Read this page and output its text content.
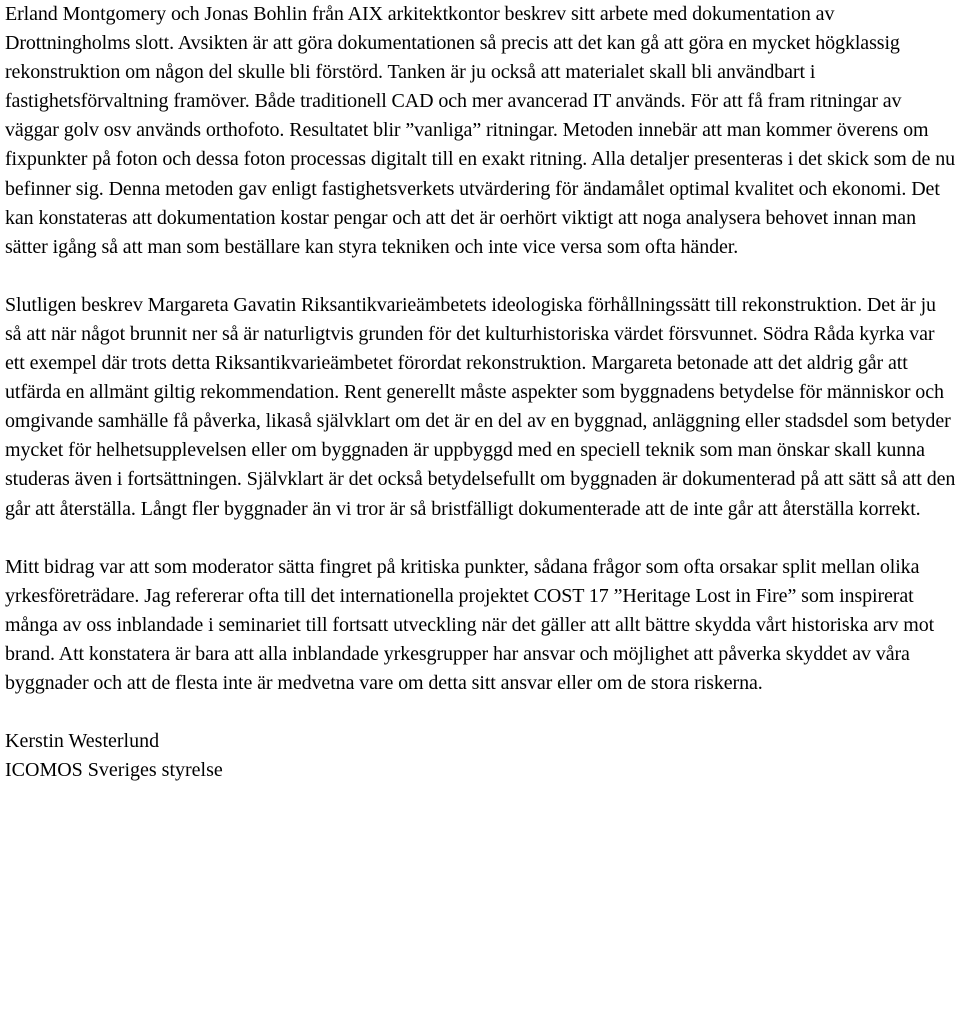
Erland Montgomery och Jonas Bohlin från AIX arkitektkontor beskrev sitt arbete med dokumentation av Drottningholms slott. Avsikten är att göra dokumentationen så precis att det kan gå att göra en mycket högklassig rekonstruktion om någon del skulle bli förstörd. Tanken är ju också att materialet skall bli användbart i fastighetsförvaltning framöver. Både traditionell CAD och mer avancerad IT används. För att få fram ritningar av väggar golv osv används orthofoto. Resultatet blir ”vanliga” ritningar. Metoden innebär att man kommer överens om fixpunkter på foton och dessa foton processas digitalt till en exakt ritning. Alla detaljer presenteras i det skick som de nu befinner sig. Denna metoden gav enligt fastighetsverkets utvärdering för ändamålet optimal kvalitet och ekonomi. Det kan konstateras att dokumentation kostar pengar och att det är oerhört viktigt att noga analysera behovet innan man sätter igång så att man som beställare kan styra tekniken och inte vice versa som ofta händer.

Slutligen beskrev Margareta Gavatin Riksantikvarieämbetets ideologiska förhållningssätt till rekonstruktion. Det är ju så att när något brunnit ner så är naturligtvis grunden för det kulturhistoriska värdet försvunnet. Södra Råda kyrka var ett exempel där trots detta Riksantikvarieämbetet förordat rekonstruktion. Margareta betonade att det aldrig går att utfärda en allmänt giltig rekommendation. Rent generellt måste aspekter som byggnadens betydelse för människor och omgivande samhälle få påverka, likaså självklart om det är en del av en byggnad, anläggning eller stadsdel som betyder mycket för helhetsupplevelsen eller om byggnaden är uppbyggd med en speciell teknik som man önskar skall kunna studeras även i fortsättningen. Självklart är det också betydelsefullt om byggnaden är dokumenterad på att sätt så att den går att återställa. Långt fler byggnader än vi tror är så bristfälligt dokumenterade att de inte går att återställa korrekt.

Mitt bidrag var att som moderator sätta fingret på kritiska punkter, sådana frågor som ofta orsakar split mellan olika yrkesföreträdare. Jag refererar ofta till det internationella projektet COST 17 ”Heritage Lost in Fire” som inspirerat många av oss inblandade i seminariet till fortsatt utveckling när det gäller att allt bättre skydda vårt historiska arv mot brand. Att konstatera är bara att alla inblandade yrkesgrupper har ansvar och möjlighet att påverka skyddet av våra byggnader och att de flesta inte är medvetna vare om detta sitt ansvar eller om de stora riskerna.

Kerstin Westerlund
ICOMOS Sveriges styrelse
